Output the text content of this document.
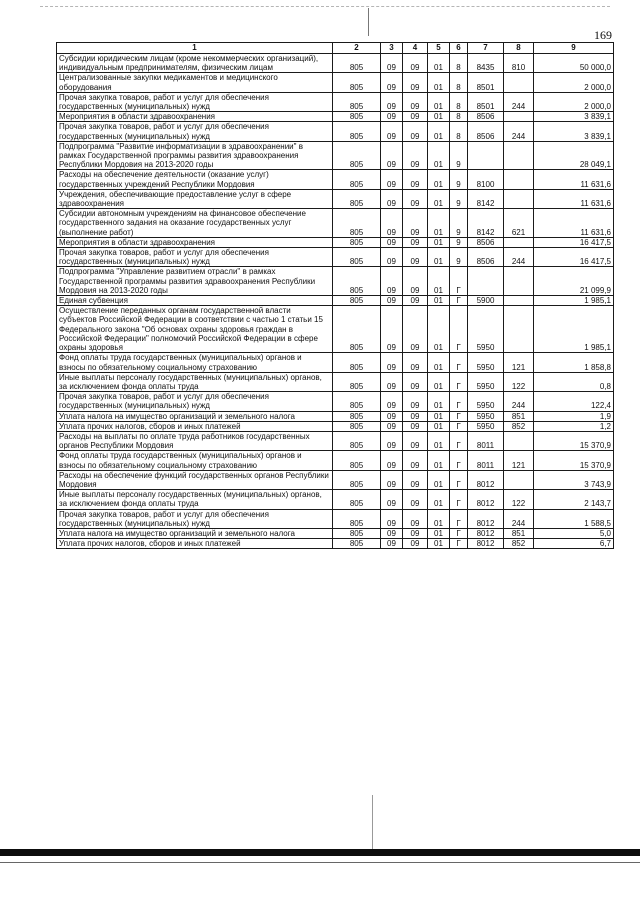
169
1	2	3	4	5	6	7	8	9
Субсидии юридическим лицам (кроме некоммерческих организаций), индивидуальным предпринимателям, физическим лицам	805	09	09	01	8	8435	810	50 000,0
Централизованные закупки медикаментов и медицинского оборудования	805	09	09	01	8	8501		2 000,0
Прочая закупка товаров, работ и услуг для обеспечения государственных (муниципальных) нужд	805	09	09	01	8	8501	244	2 000,0
Мероприятия в области здравоохранения	805	09	09	01	8	8506		3 839,1
Прочая закупка товаров, работ и услуг для обеспечения государственных (муниципальных) нужд	805	09	09	01	8	8506	244	3 839,1
Подпрограмма "Развитие информатизации в здравоохранении" в рамках Государственной программы развития здравоохранения Республики Мордовия на 2013-2020 годы	805	09	09	01	9			28 049,1
Расходы на обеспечение деятельности (оказание услуг) государственных учреждений Республики Мордовия	805	09	09	01	9	8100		11 631,6
Учреждения, обеспечивающие предоставление услуг в сфере здравоохранения	805	09	09	01	9	8142		11 631,6
Субсидии автономным учреждениям на финансовое обеспечение государственного задания на оказание государственных услуг (выполнение работ)	805	09	09	01	9	8142	621	11 631,6
Мероприятия в области здравоохранения	805	09	09	01	9	8506		16 417,5
Прочая закупка товаров, работ и услуг для обеспечения государственных (муниципальных) нужд	805	09	09	01	9	8506	244	16 417,5
Подпрограмма "Управление развитием отрасли" в рамках Государственной программы развития здравоохранения Республики Мордовия на 2013-2020 годы	805	09	09	01	Г			21 099,9
Единая субвенция	805	09	09	01	Г	5900		1 985,1
Осуществление переданных органам государственной власти субъектов Российской Федерации в соответствии с частью 1 статьи 15 Федерального закона "Об основах охраны здоровья граждан в Российской Федерации" полномочий Российской Федерации в сфере охраны здоровья	805	09	09	01	Г	5950		1 985,1
Фонд оплаты труда государственных (муниципальных) органов и взносы по обязательному социальному страхованию	805	09	09	01	Г	5950	121	1 858,8
Иные выплаты персоналу государственных (муниципальных) органов, за исключением фонда оплаты труда	805	09	09	01	Г	5950	122	0,8
Прочая закупка товаров, работ и услуг для обеспечения государственных (муниципальных) нужд	805	09	09	01	Г	5950	244	122,4
Уплата налога на имущество организаций и земельного налога	805	09	09	01	Г	5950	851	1,9
Уплата прочих налогов, сборов и иных платежей	805	09	09	01	Г	5950	852	1,2
Расходы на выплаты по оплате труда работников государственных органов Республики Мордовия	805	09	09	01	Г	8011		15 370,9
Фонд оплаты труда государственных (муниципальных) органов и взносы по обязательному социальному страхованию	805	09	09	01	Г	8011	121	15 370,9
Расходы на обеспечение функций государственных органов Республики Мордовия	805	09	09	01	Г	8012		3 743,9
Иные выплаты персоналу государственных (муниципальных) органов, за исключением фонда оплаты труда	805	09	09	01	Г	8012	122	2 143,7
Прочая закупка товаров, работ и услуг для обеспечения государственных (муниципальных) нужд	805	09	09	01	Г	8012	244	1 588,5
Уплата налога на имущество организаций и земельного налога	805	09	09	01	Г	8012	851	5,0
Уплата прочих налогов, сборов и иных платежей	805	09	09	01	Г	8012	852	6,7
